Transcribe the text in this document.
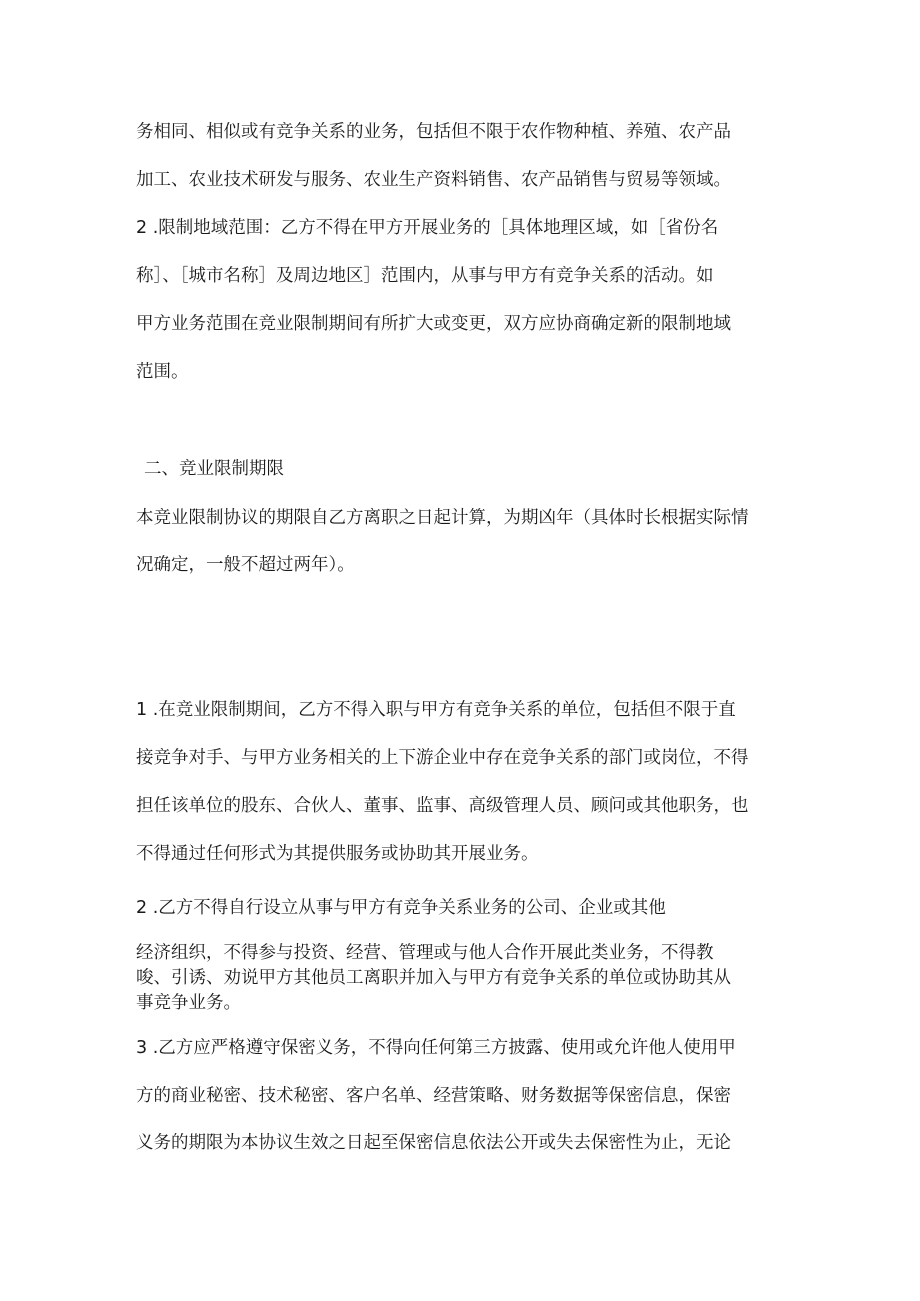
务相同、相似或有竞争关系的业务，包括但不限于农作物种植、养殖、农产品
加工、农业技术研发与服务、农业生产资料销售、农产品销售与贸易等领域。
2 .限制地域范围：乙方不得在甲方开展业务的［具体地理区域，如［省份名
称］、［城市名称］及周边地区］范围内，从事与甲方有竞争关系的活动。如
甲方业务范围在竞业限制期间有所扩大或变更，双方应协商确定新的限制地域
范围。
二、竞业限制期限
本竞业限制协议的期限自乙方离职之日起计算，为期凶年（具体时长根据实际情
况确定，一般不超过两年）。
1 .在竞业限制期间，乙方不得入职与甲方有竞争关系的单位，包括但不限于直
接竞争对手、与甲方业务相关的上下游企业中存在竞争关系的部门或岗位，不得
担任该单位的股东、合伙人、董事、监事、高级管理人员、顾问或其他职务，也
不得通过任何形式为其提供服务或协助其开展业务。
2 .乙方不得自行设立从事与甲方有竞争关系业务的公司、企业或其他
经济组织，不得参与投资、经营、管理或与他人合作开展此类业务，不得教
唆、引诱、劝说甲方其他员工离职并加入与甲方有竞争关系的单位或协助其从
事竞争业务。
3 .乙方应严格遵守保密义务，不得向任何第三方披露、使用或允许他人使用甲
方的商业秘密、技术秘密、客户名单、经营策略、财务数据等保密信息，保密
义务的期限为本协议生效之日起至保密信息依法公开或失去保密性为止，无论
